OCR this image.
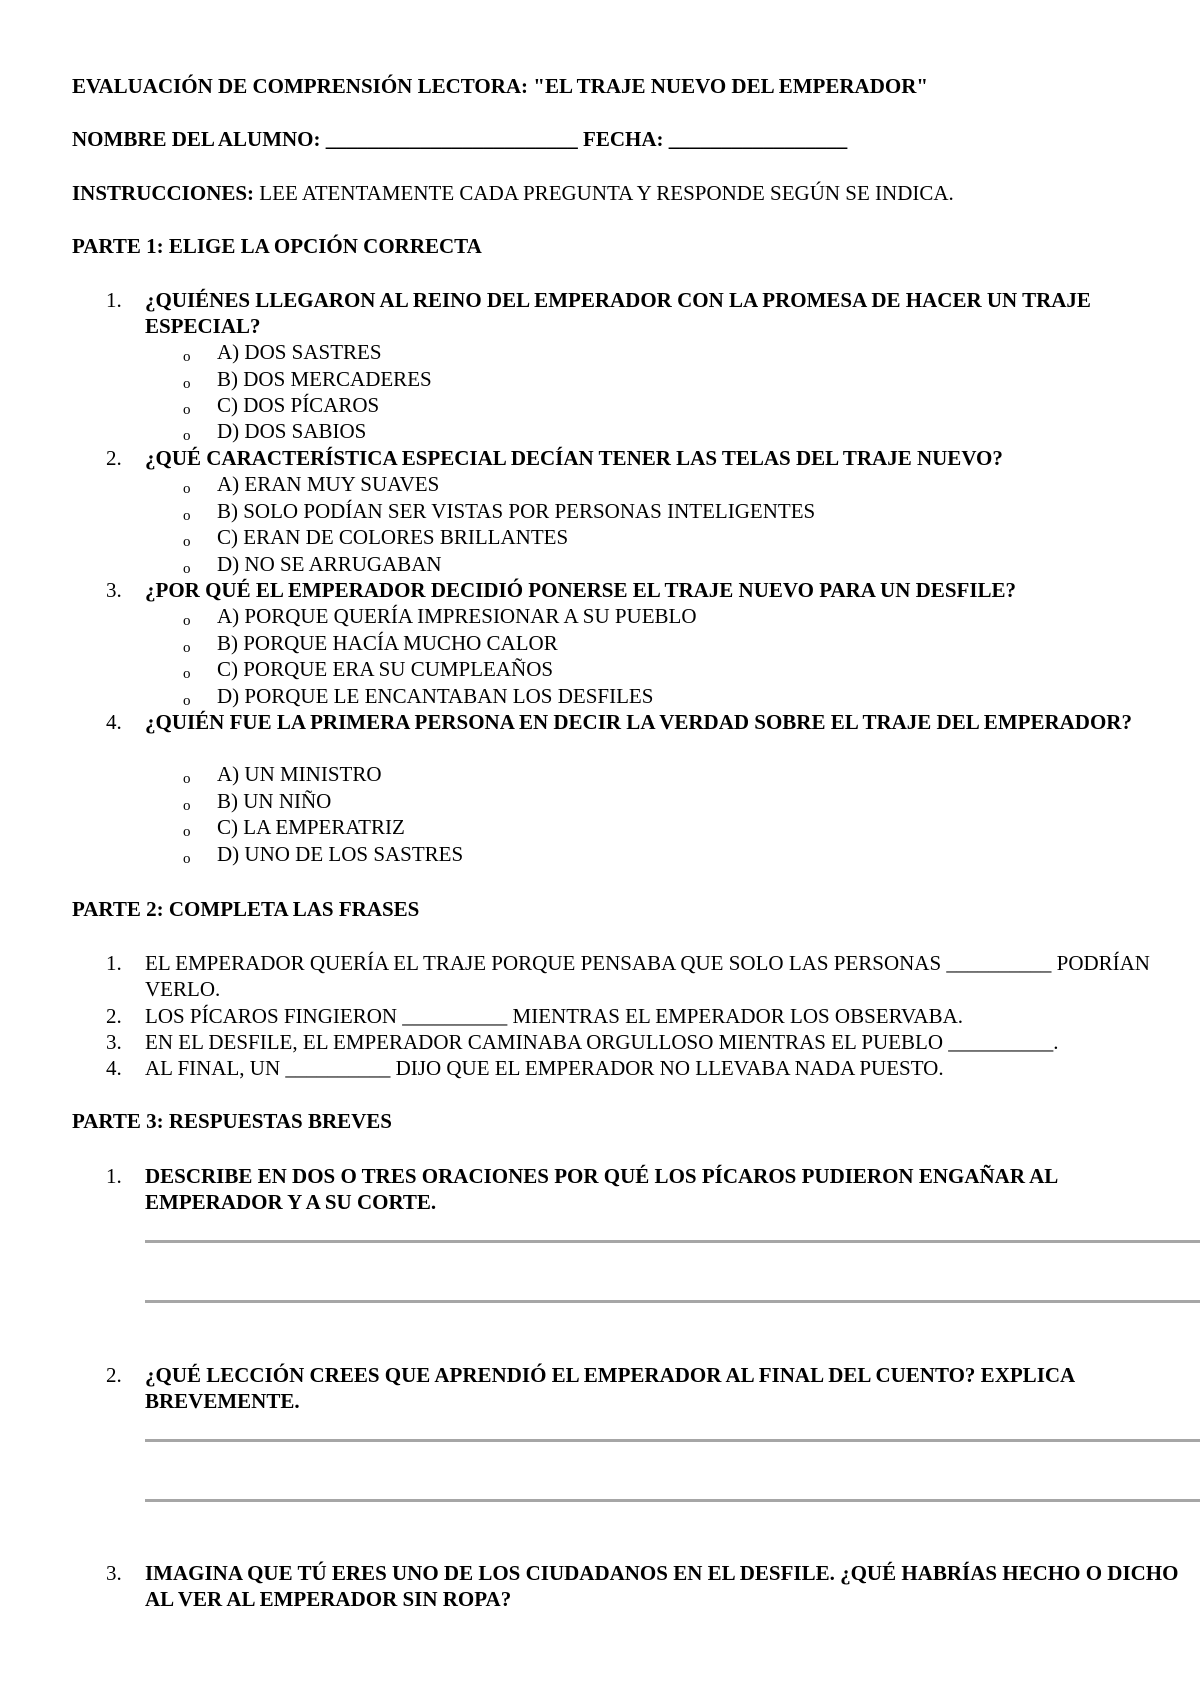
EVALUACIÓN DE COMPRENSIÓN LECTORA: "EL TRAJE NUEVO DEL EMPERADOR"
NOMBRE DEL ALUMNO: ________________________ FECHA: _________________
INSTRUCCIONES: LEE ATENTAMENTE CADA PREGUNTA Y RESPONDE SEGÚN SE INDICA.
PARTE 1: ELIGE LA OPCIÓN CORRECTA
1. ¿QUIÉNES LLEGARON AL REINO DEL EMPERADOR CON LA PROMESA DE HACER UN TRAJE ESPECIAL?
o A) DOS SASTRES
o B) DOS MERCADERES
o C) DOS PÍCAROS
o D) DOS SABIOS
2. ¿QUÉ CARACTERÍSTICA ESPECIAL DECÍAN TENER LAS TELAS DEL TRAJE NUEVO?
o A) ERAN MUY SUAVES
o B) SOLO PODÍAN SER VISTAS POR PERSONAS INTELIGENTES
o C) ERAN DE COLORES BRILLANTES
o D) NO SE ARRUGABAN
3. ¿POR QUÉ EL EMPERADOR DECIDIÓ PONERSE EL TRAJE NUEVO PARA UN DESFILE?
o A) PORQUE QUERÍA IMPRESIONAR A SU PUEBLO
o B) PORQUE HACÍA MUCHO CALOR
o C) PORQUE ERA SU CUMPLEAÑOS
o D) PORQUE LE ENCANTABAN LOS DESFILES
4. ¿QUIÉN FUE LA PRIMERA PERSONA EN DECIR LA VERDAD SOBRE EL TRAJE DEL EMPERADOR?
o A) UN MINISTRO
o B) UN NIÑO
o C) LA EMPERATRIZ
o D) UNO DE LOS SASTRES
PARTE 2: COMPLETA LAS FRASES
1. EL EMPERADOR QUERÍA EL TRAJE PORQUE PENSABA QUE SOLO LAS PERSONAS __________ PODRÍAN VERLO.
2. LOS PÍCAROS FINGIERON __________ MIENTRAS EL EMPERADOR LOS OBSERVABA.
3. EN EL DESFILE, EL EMPERADOR CAMINABA ORGULLOSO MIENTRAS EL PUEBLO __________.
4. AL FINAL, UN __________ DIJO QUE EL EMPERADOR NO LLEVABA NADA PUESTO.
PARTE 3: RESPUESTAS BREVES
1. DESCRIBE EN DOS O TRES ORACIONES POR QUÉ LOS PÍCAROS PUDIERON ENGAÑAR AL EMPERADOR Y A SU CORTE.
2. ¿QUÉ LECCIÓN CREES QUE APRENDIÓ EL EMPERADOR AL FINAL DEL CUENTO? EXPLICA BREVEMENTE.
3. IMAGINA QUE TÚ ERES UNO DE LOS CIUDADANOS EN EL DESFILE. ¿QUÉ HABRÍAS HECHO O DICHO AL VER AL EMPERADOR SIN ROPA?
